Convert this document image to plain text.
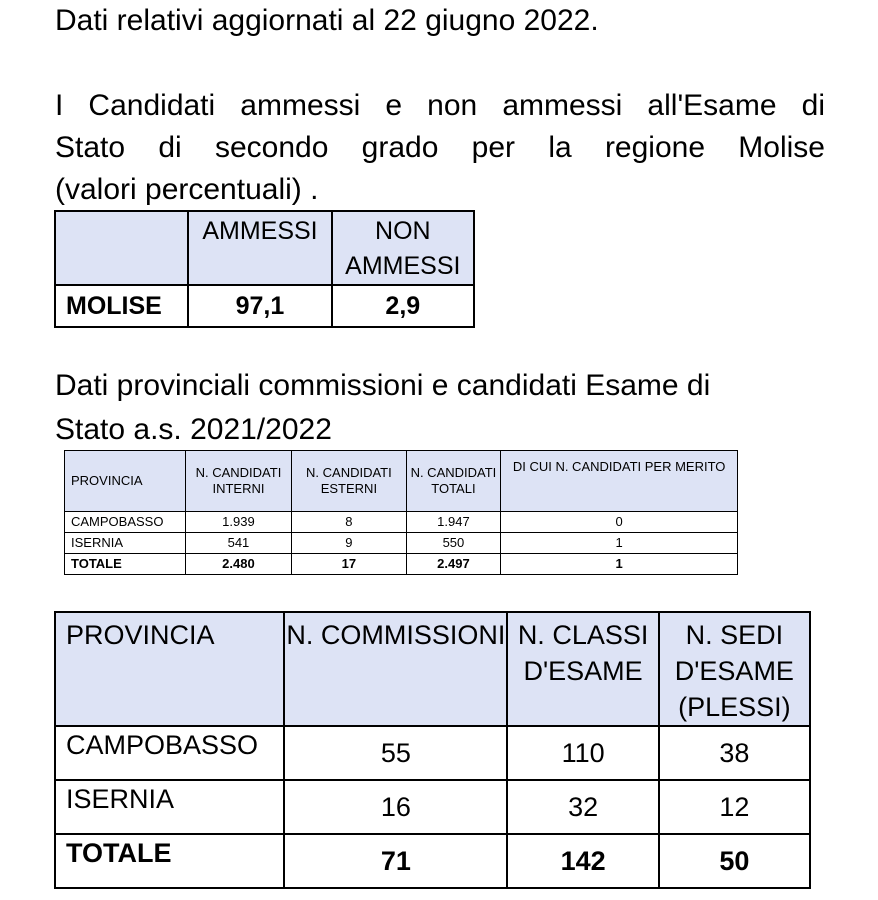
Dati relativi aggiornati al 22 giugno 2022.

I Candidati ammessi e non ammessi all'Esame di
Stato di secondo grado per la regione Molise
(valori percentuali) .

	AMMESSI	NON AMMESSI
MOLISE	97,1	2,9

Dati provinciali commissioni e candidati Esame di
Stato a.s. 2021/2022

PROVINCIA	N. CANDIDATI INTERNI	N. CANDIDATI ESTERNI	N. CANDIDATI TOTALI	DI CUI N. CANDIDATI PER MERITO
CAMPOBASSO	1.939	8	1.947	0
ISERNIA	541	9	550	1
TOTALE	2.480	17	2.497	1
PROVINCIA	N. COMMISSIONI	N. CLASSI D'ESAME	N. SEDI D'ESAME (PLESSI)
CAMPOBASSO	55	110	38
ISERNIA	16	32	12
TOTALE	71	142	50
